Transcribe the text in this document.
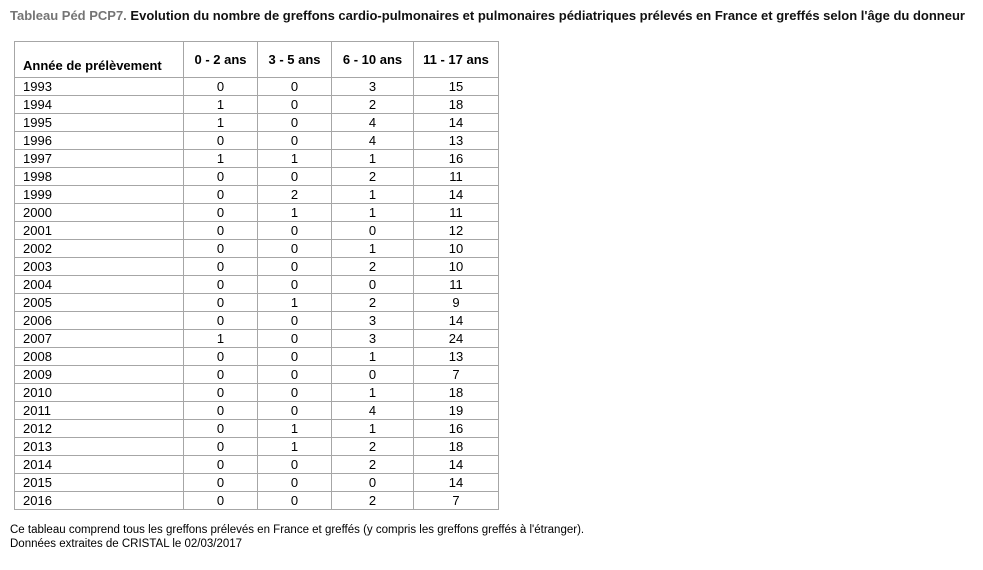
Tableau Péd PCP7. Evolution du nombre de greffons cardio-pulmonaires et pulmonaires pédiatriques prélevés en France et greffés selon l'âge du donneur
Année de prélèvement	0 - 2 ans	3 - 5 ans	6 - 10 ans	11 - 17 ans
1993	0	0	3	15
1994	1	0	2	18
1995	1	0	4	14
1996	0	0	4	13
1997	1	1	1	16
1998	0	0	2	11
1999	0	2	1	14
2000	0	1	1	11
2001	0	0	0	12
2002	0	0	1	10
2003	0	0	2	10
2004	0	0	0	11
2005	0	1	2	9
2006	0	0	3	14
2007	1	0	3	24
2008	0	0	1	13
2009	0	0	0	7
2010	0	0	1	18
2011	0	0	4	19
2012	0	1	1	16
2013	0	1	2	18
2014	0	0	2	14
2015	0	0	0	14
2016	0	0	2	7
Ce tableau comprend tous les greffons prélevés en France et greffés (y compris les greffons greffés à l'étranger).
Données extraites de CRISTAL le 02/03/2017
